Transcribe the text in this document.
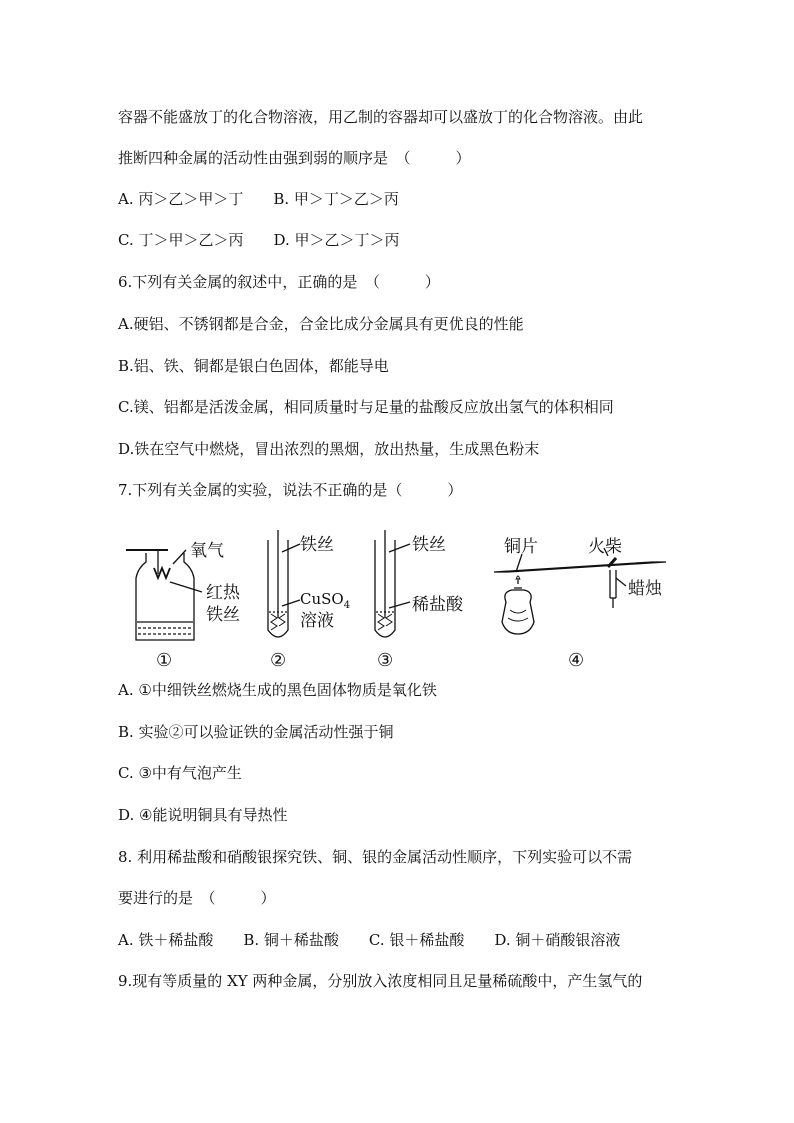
容器不能盛放丁的化合物溶液，用乙制的容器却可以盛放丁的化合物溶液。由此
推断四种金属的活动性由强到弱的顺序是　（　　　）
A. 丙＞乙＞甲＞丁　　B. 甲＞丁＞乙＞丙
C. 丁＞甲＞乙＞丙　　D. 甲＞乙＞丁＞丙
6.下列有关金属的叙述中，正确的是　（　　　）
A.硬铝、不锈钢都是合金，合金比成分金属具有更优良的性能
B.铝、铁、铜都是银白色固体，都能导电
C.镁、铝都是活泼金属，相同质量时与足量的盐酸反应放出氢气的体积相同
D.铁在空气中燃烧，冒出浓烈的黑烟，放出热量，生成黑色粉末
7.下列有关金属的实验，说法不正确的是（　　　）
氧气
红热
铁丝
①
铁丝
CuSO$_4$
溶液
②
铁丝
稀盐酸
③
铜片	火柴
蜡烛
④
A. ①中细铁丝燃烧生成的黑色固体物质是氧化铁
B. 实验②可以验证铁的金属活动性强于铜
C. ③中有气泡产生
D. ④能说明铜具有导热性
8. 利用稀盐酸和硝酸银探究铁、铜、银的金属活动性顺序，下列实验可以不需
要进行的是　（　　　）
A. 铁＋稀盐酸　　B. 铜＋稀盐酸　　C. 银＋稀盐酸　　D. 铜＋硝酸银溶液
9.现有等质量的 XY 两种金属，分别放入浓度相同且足量稀硫酸中，产生氢气的
